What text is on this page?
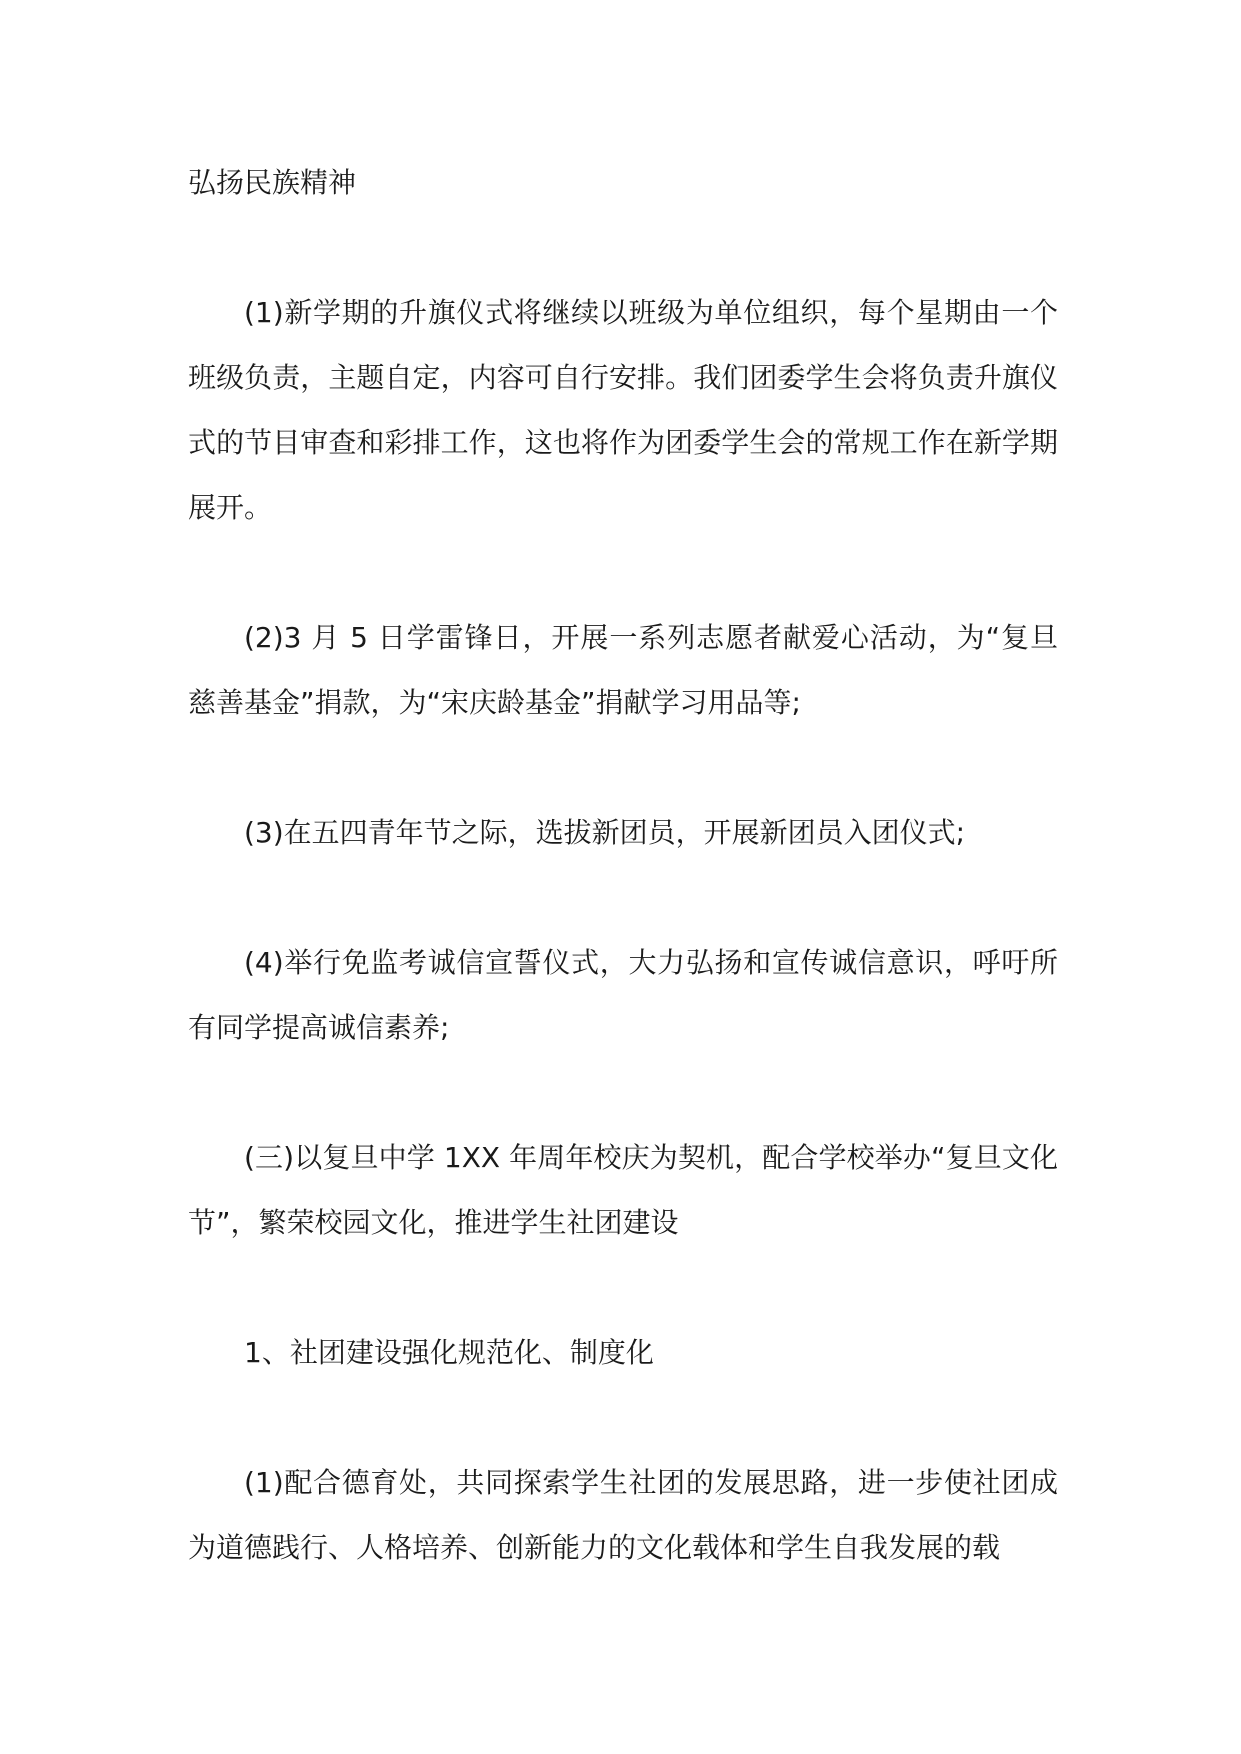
弘扬民族精神

(1)新学期的升旗仪式将继续以班级为单位组织，每个星期由一个班级负责，主题自定，内容可自行安排。我们团委学生会将负责升旗仪式的节目审查和彩排工作，这也将作为团委学生会的常规工作在新学期展开。

(2)3 月 5 日学雷锋日，开展一系列志愿者献爱心活动，为“复旦慈善基金”捐款，为“宋庆龄基金”捐献学习用品等;

(3)在五四青年节之际，选拔新团员，开展新团员入团仪式;

(4)举行免监考诚信宣誓仪式，大力弘扬和宣传诚信意识，呼吁所有同学提高诚信素养;

(三)以复旦中学 1XX 年周年校庆为契机，配合学校举办“复旦文化节”，繁荣校园文化，推进学生社团建设

1、社团建设强化规范化、制度化

(1)配合德育处，共同探索学生社团的发展思路，进一步使社团成为道德践行、人格培养、创新能力的文化载体和学生自我发展的载
